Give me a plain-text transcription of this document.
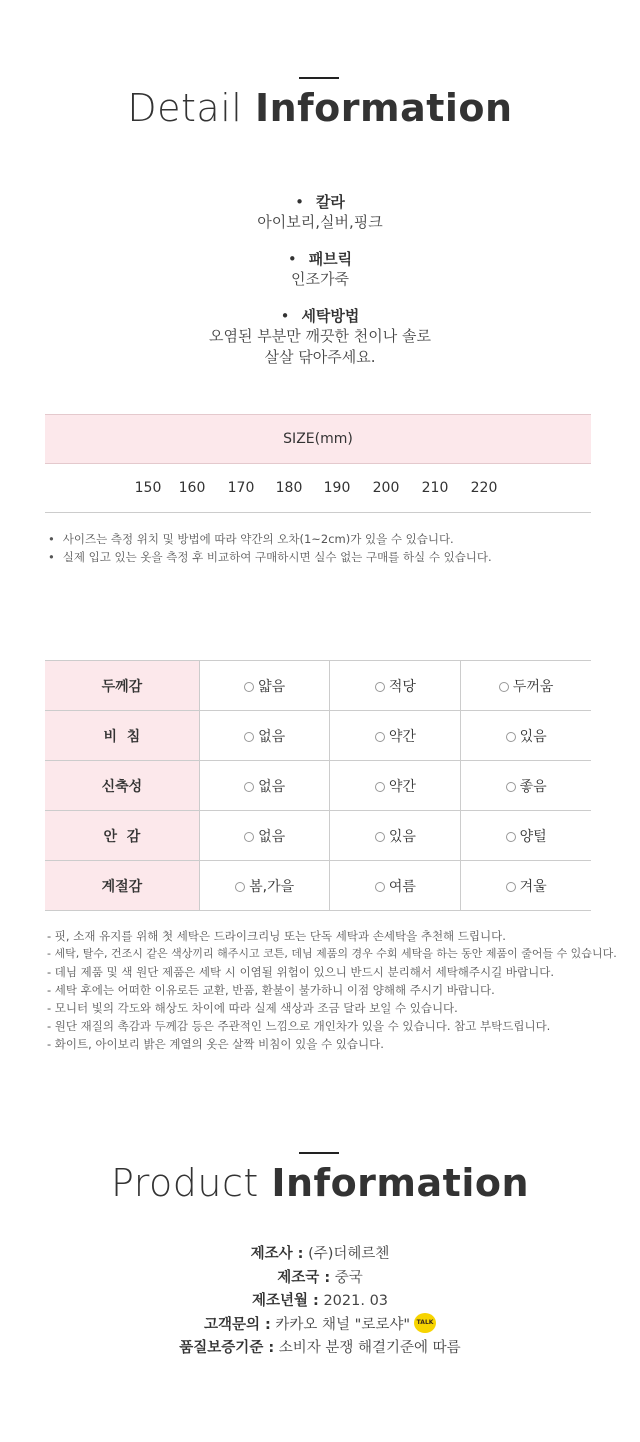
Detail Information
• 칼라
아이보리,실버,핑크
• 패브릭
인조가죽
• 세탁방법
오염된 부분만 깨끗한 천이나 솔로
살살 닦아주세요.
SIZE(mm)
150 160 170 180 190 200 210 220
• 사이즈는 측정 위치 및 방법에 따라 약간의 오차(1~2cm)가 있을 수 있습니다.
• 실제 입고 있는 옷을 측정 후 비교하여 구매하시면 실수 없는 구매를 하실 수 있습니다.
두께감	얇음	적당	두꺼움
비  침	없음	약간	있음
신축성	없음	약간	좋음
안  감	없음	있음	양털
계절감	봄,가을	여름	겨울
- 핏, 소재 유지를 위해 첫 세탁은 드라이크리닝 또는 단독 세탁과 손세탁을 추천해 드립니다.
- 세탁, 탈수, 건조시 같은 색상끼리 해주시고 코튼, 데님 제품의 경우 수회 세탁을 하는 동안 제품이 줄어들 수 있습니다.
- 데님 제품 및 색 원단 제품은 세탁 시 이염될 위험이 있으니 반드시 분리해서 세탁해주시길 바랍니다.
- 세탁 후에는 어떠한 이유로든 교환, 반품, 환불이 불가하니 이점 양해해 주시기 바랍니다.
- 모니터 빛의 각도와 해상도 차이에 따라 실제 색상과 조금 달라 보일 수 있습니다.
- 원단 재질의 촉감과 두께감 등은 주관적인 느낌으로 개인차가 있을 수 있습니다. 참고 부탁드립니다.
- 화이트, 아이보리 밝은 계열의 옷은 살짝 비침이 있을 수 있습니다.
Product Information
제조사 : (주)더헤르첸
제조국 : 중국
제조년월 : 2021. 03
고객문의 : 카카오 채널 "로로샤" TALK
품질보증기준 : 소비자 분쟁 해결기준에 따름
